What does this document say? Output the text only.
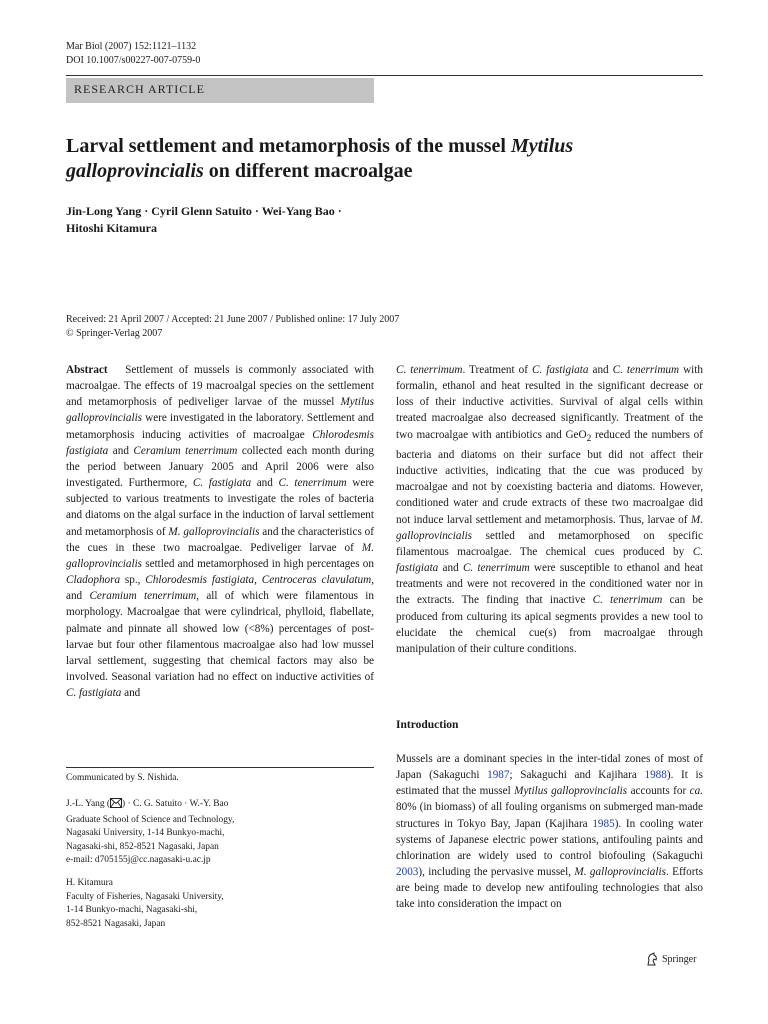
Mar Biol (2007) 152:1121–1132
DOI 10.1007/s00227-007-0759-0
RESEARCH ARTICLE
Larval settlement and metamorphosis of the mussel Mytilus galloprovincialis on different macroalgae
Jin-Long Yang · Cyril Glenn Satuito · Wei-Yang Bao ·
Hitoshi Kitamura
Received: 21 April 2007 / Accepted: 21 June 2007 / Published online: 17 July 2007
© Springer-Verlag 2007
Abstract Settlement of mussels is commonly associated with macroalgae. The effects of 19 macroalgal species on the settlement and metamorphosis of pediveliger larvae of the mussel Mytilus galloprovincialis were investigated in the laboratory. Settlement and metamorphosis inducing activities of macroalgae Chlorodesmis fastigiata and Ceramium tenerrimum collected each month during the period between January 2005 and April 2006 were also investigated. Furthermore, C. fastigiata and C. tenerrimum were subjected to various treatments to investigate the roles of bacteria and diatoms on the algal surface in the induction of larval settlement and metamorphosis of M. galloprovincialis and the characteristics of the cues in these two macroalgae. Pediveliger larvae of M. galloprovincialis settled and metamorphosed in high percentages on Cladophora sp., Chlorodesmis fastigiata, Centroceras clavulatum, and Ceramium tenerrimum, all of which were filamentous in morphology. Macroalgae that were cylindrical, phylloid, flabellate, palmate and pinnate all showed low (<8%) percentages of post-larvae but four other filamentous macroalgae also had low mussel larval settlement, suggesting that chemical factors may also be involved. Seasonal variation had no effect on inductive activities of C. fastigiata and
C. tenerrimum. Treatment of C. fastigiata and C. tenerrimum with formalin, ethanol and heat resulted in the significant decrease or loss of their inductive activities. Survival of algal cells within treated macroalgae also decreased significantly. Treatment of the two macroalgae with antibiotics and GeO$_2$ reduced the numbers of bacteria and diatoms on their surface but did not affect their inductive activities, indicating that the cue was produced by macroalgae and not by coexisting bacteria and diatoms. However, conditioned water and crude extracts of these two macroalgae did not induce larval settlement and metamorphosis. Thus, larvae of M. galloprovincialis settled and metamorphosed on specific filamentous macroalgae. The chemical cues produced by C. fastigiata and C. tenerrimum were susceptible to ethanol and heat treatments and were not recovered in the conditioned water nor in the extracts. The finding that inactive C. tenerrimum can be produced from culturing its apical segments provides a new tool to elucidate the chemical cue(s) from macroalgae through manipulation of their culture conditions.
Introduction
Mussels are a dominant species in the inter-tidal zones of most of Japan (Sakaguchi 1987; Sakaguchi and Kajihara 1988). It is estimated that the mussel Mytilus galloprovincialis accounts for ca. 80% (in biomass) of all fouling organisms on submerged man-made structures in Tokyo Bay, Japan (Kajihara 1985). In cooling water systems of Japanese electric power stations, antifouling paints and chlorination are widely used to control biofouling (Sakaguchi 2003), including the pervasive mussel, M. galloprovincialis. Efforts are being made to develop new antifouling technologies that also take into consideration the impact on
Communicated by S. Nishida.
J.-L. Yang ( ) · C. G. Satuito · W.-Y. Bao
Graduate School of Science and Technology,
Nagasaki University, 1-14 Bunkyo-machi,
Nagasaki-shi, 852-8521 Nagasaki, Japan
e-mail: d705155j@cc.nagasaki-u.ac.jp
H. Kitamura
Faculty of Fisheries, Nagasaki University,
1-14 Bunkyo-machi, Nagasaki-shi,
852-8521 Nagasaki, Japan
Springer
